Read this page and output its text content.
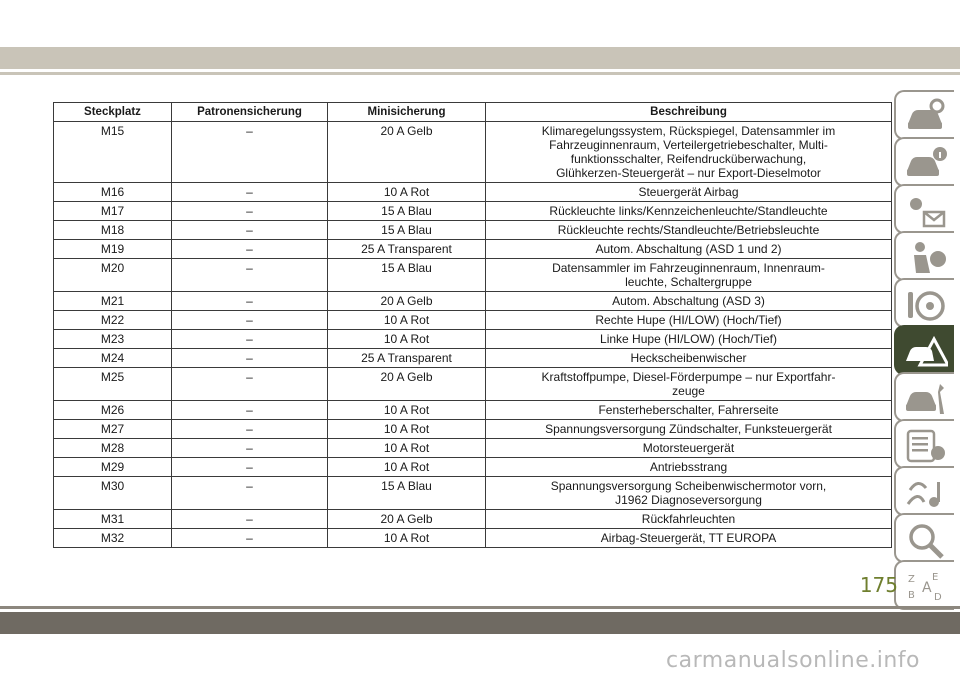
Steckplatz	Patronensicherung	Minisicherung	Beschreibung
M15	–	20 A Gelb	Klimaregelungssystem, Rückspiegel, Datensammler im
Fahrzeuginnenraum, Verteilergetriebeschalter, Multi-
funktionsschalter, Reifendrucküberwachung,
Glühkerzen-Steuergerät – nur Export-Dieselmotor
M16	–	10 A Rot	Steuergerät Airbag
M17	–	15 A Blau	Rückleuchte links/Kennzeichenleuchte/Standleuchte
M18	–	15 A Blau	Rückleuchte rechts/Standleuchte/Betriebsleuchte
M19	–	25 A Transparent	Autom. Abschaltung (ASD 1 und 2)
M20	–	15 A Blau	Datensammler im Fahrzeuginnenraum, Innenraum-
leuchte, Schaltergruppe
M21	–	20 A Gelb	Autom. Abschaltung (ASD 3)
M22	–	10 A Rot	Rechte Hupe (HI/LOW) (Hoch/Tief)
M23	–	10 A Rot	Linke Hupe (HI/LOW) (Hoch/Tief)
M24	–	25 A Transparent	Heckscheibenwischer
M25	–	20 A Gelb	Kraftstoffpumpe, Diesel-Förderpumpe – nur Exportfahr-
zeuge
M26	–	10 A Rot	Fensterheberschalter, Fahrerseite
M27	–	10 A Rot	Spannungsversorgung Zündschalter, Funksteuergerät
M28	–	10 A Rot	Motorsteuergerät
M29	–	10 A Rot	Antriebsstrang
M30	–	15 A Blau	Spannungsversorgung Scheibenwischermotor vorn,
J1962 Diagnoseversorgung
M31	–	20 A Gelb	Rückfahrleuchten
M32	–	10 A Rot	Airbag-Steuergerät, TT EUROPA
Z E
A
B D
175
carmanualsonline.info
